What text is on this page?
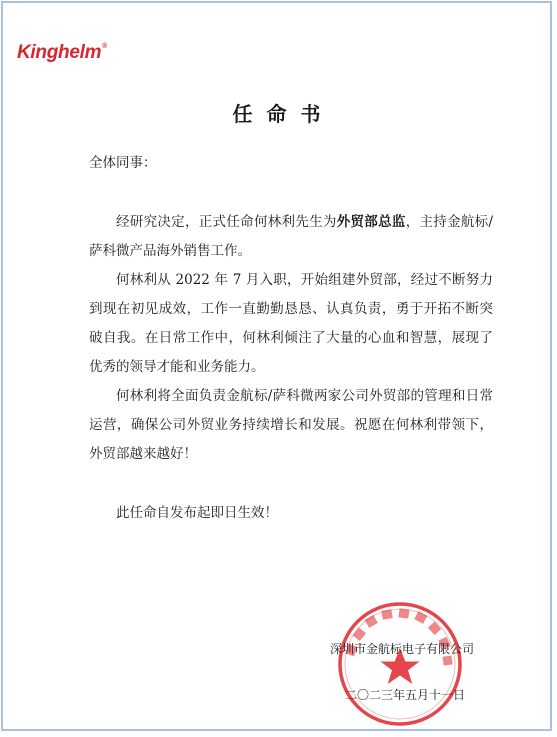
Kinghelm®
任命书
全体同事：

经研究决定，正式任命何林利先生为外贸部总监，主持金航标/萨科微产品海外销售工作。

何林利从 2022 年 7 月入职，开始组建外贸部，经过不断努力到现在初见成效，工作一直勤勤恳恳、认真负责，勇于开拓不断突破自我。在日常工作中，何林利倾注了大量的心血和智慧，展现了优秀的领导才能和业务能力。

何林利将全面负责金航标/萨科微两家公司外贸部的管理和日常运营，确保公司外贸业务持续增长和发展。祝愿在何林利带领下，外贸部越来越好！

此任命自发布起即日生效！
深圳市金航标电子有限公司
二〇二三年五月十一日
